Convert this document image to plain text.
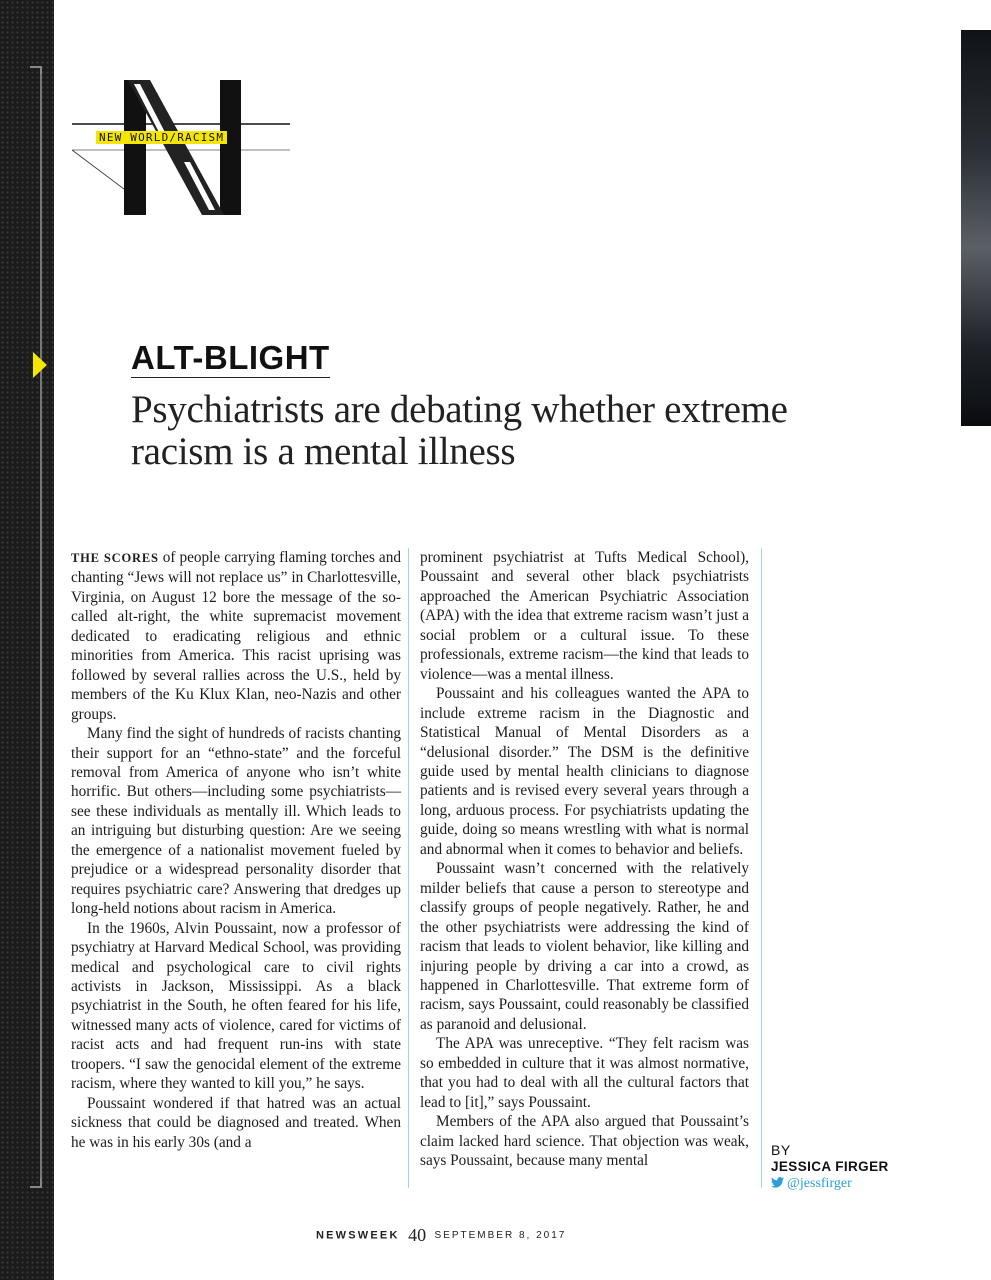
NEW WORLD/RACISM
ALT-BLIGHT
Psychiatrists are debating whether extreme racism is a mental illness

THE SCORES of people carrying flaming torches and chanting “Jews will not replace us” in Charlottesville, Virginia, on August 12 bore the message of the so-called alt-right, the white supremacist movement dedicated to eradicating religious and ethnic minorities from America. This racist uprising was followed by several rallies across the U.S., held by members of the Ku Klux Klan, neo-Nazis and other groups.

Many find the sight of hundreds of racists chanting their support for an “ethno-state” and the forceful removal from America of anyone who isn’t white horrific. But others—including some psychiatrists—see these individuals as mentally ill. Which leads to an intriguing but disturbing question: Are we seeing the emergence of a nationalist movement fueled by prejudice or a widespread personality disorder that requires psychiatric care? Answering that dredges up long-held notions about racism in America.

In the 1960s, Alvin Poussaint, now a professor of psychiatry at Harvard Medical School, was providing medical and psychological care to civil rights activists in Jackson, Mississippi. As a black psychiatrist in the South, he often feared for his life, witnessed many acts of violence, cared for victims of racist acts and had frequent run-ins with state troopers. “I saw the genocidal element of the extreme racism, where they wanted to kill you,” he says.

Poussaint wondered if that hatred was an actual sickness that could be diagnosed and treated. When he was in his early 30s (and a

prominent psychiatrist at Tufts Medical School), Poussaint and several other black psychiatrists approached the American Psychiatric Association (APA) with the idea that extreme racism wasn’t just a social problem or a cultural issue. To these professionals, extreme racism—the kind that leads to violence—was a mental illness.

Poussaint and his colleagues wanted the APA to include extreme racism in the Diagnostic and Statistical Manual of Mental Disorders as a “delusional disorder.” The DSM is the definitive guide used by mental health clinicians to diagnose patients and is revised every several years through a long, arduous process. For psychiatrists updating the guide, doing so means wrestling with what is normal and abnormal when it comes to behavior and beliefs.

Poussaint wasn’t concerned with the relatively milder beliefs that cause a person to stereotype and classify groups of people negatively. Rather, he and the other psychiatrists were addressing the kind of racism that leads to violent behavior, like killing and injuring people by driving a car into a crowd, as happened in Charlottesville. That extreme form of racism, says Poussaint, could reasonably be classified as paranoid and delusional.

The APA was unreceptive. “They felt racism was so embedded in culture that it was almost normative, that you had to deal with all the cultural factors that lead to [it],” says Poussaint.

Members of the APA also argued that Poussaint’s claim lacked hard science. That objection was weak, says Poussaint, because many mental

BY
JESSICA FIRGER
@jessfirger
NEWSWEEK 40 SEPTEMBER 8, 2017
